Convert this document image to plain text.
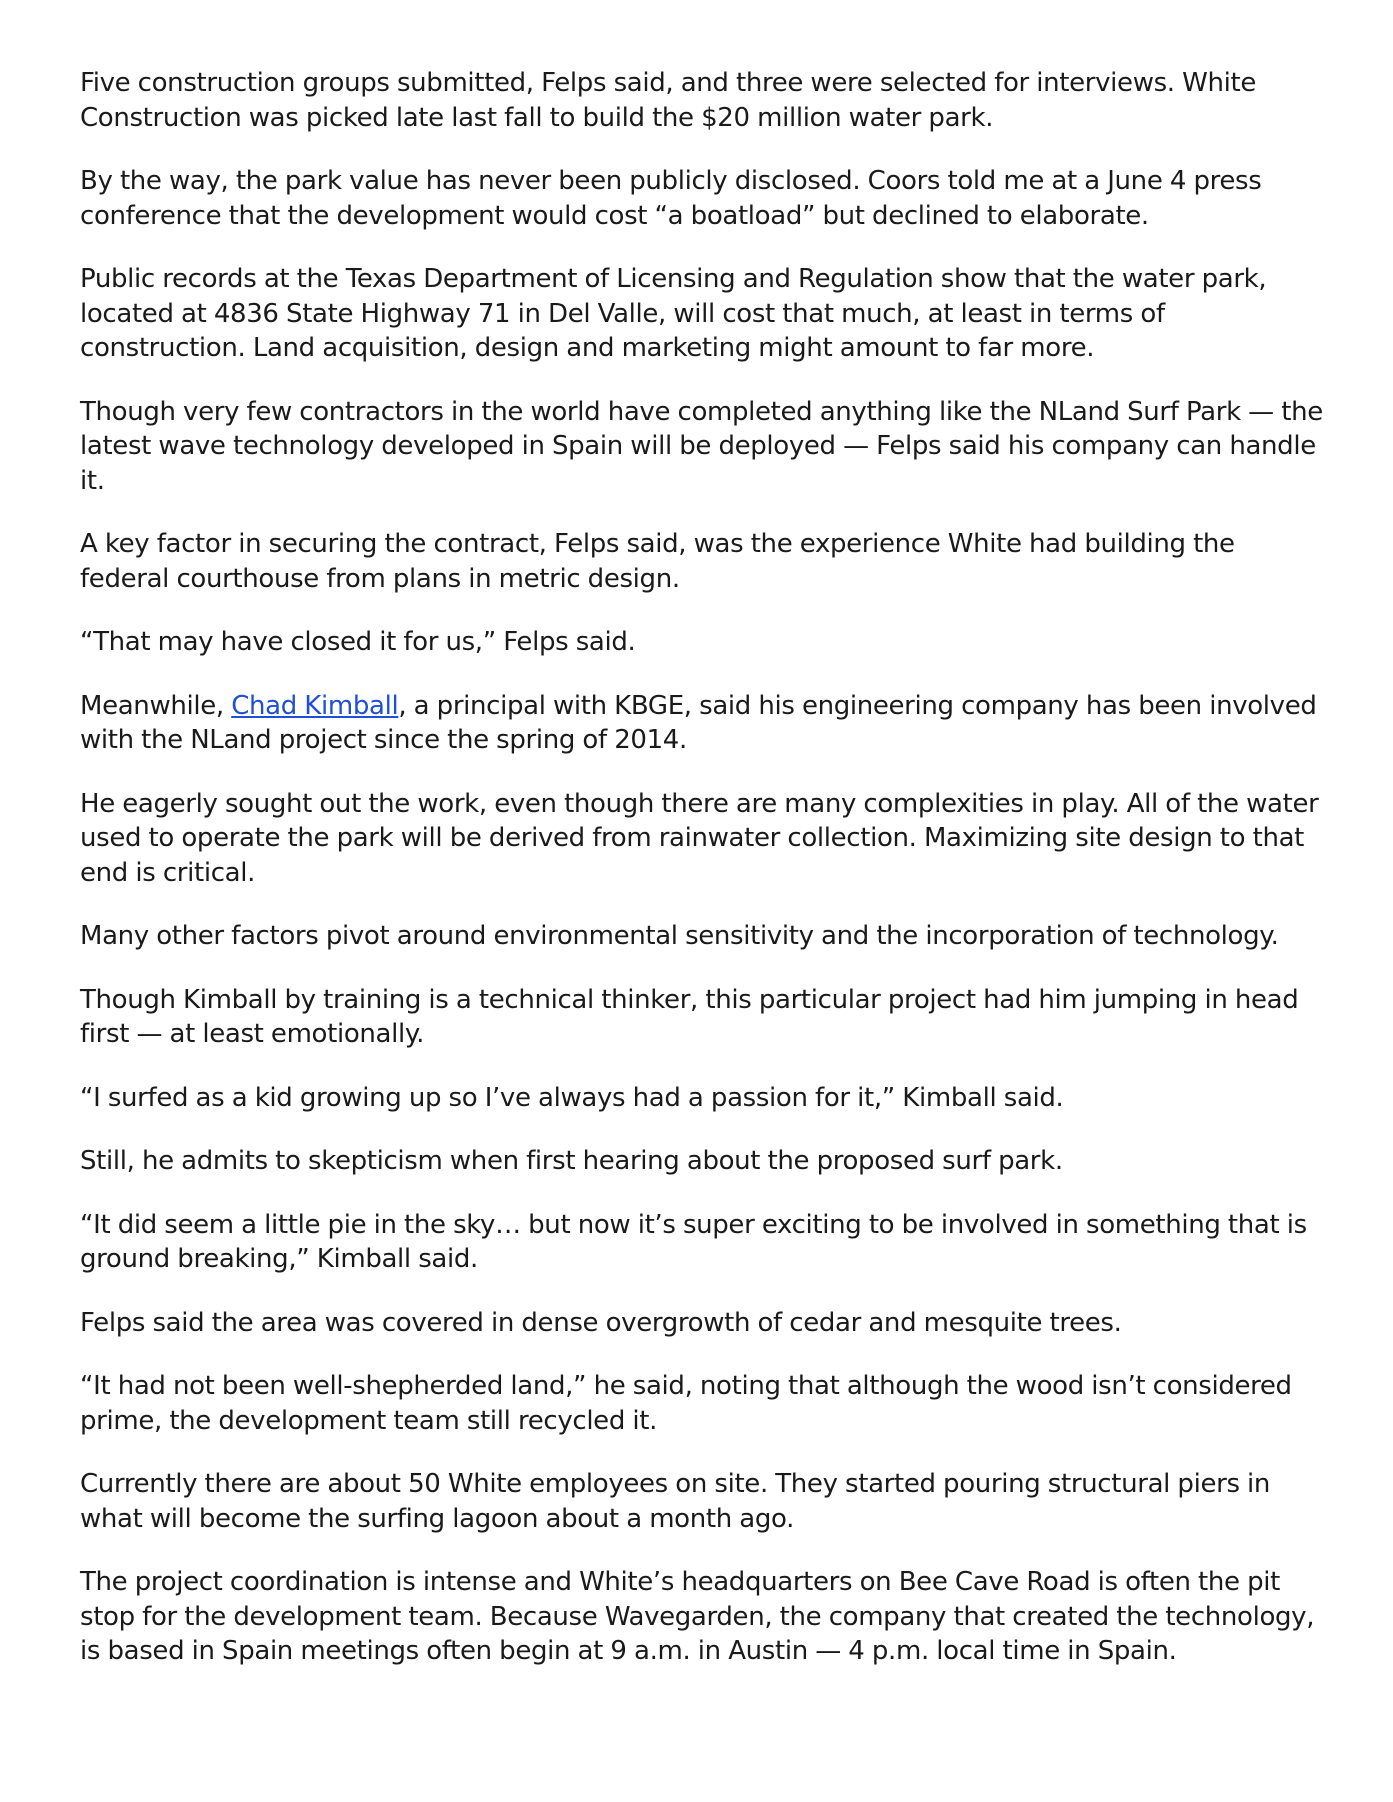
Five construction groups submitted, Felps said, and three were selected for interviews. White Construction was picked late last fall to build the $20 million water park.

By the way, the park value has never been publicly disclosed. Coors told me at a June 4 press conference that the development would cost “a boatload” but declined to elaborate.

Public records at the Texas Department of Licensing and Regulation show that the water park, located at 4836 State Highway 71 in Del Valle, will cost that much, at least in terms of construction. Land acquisition, design and marketing might amount to far more.

Though very few contractors in the world have completed anything like the NLand Surf Park — the latest wave technology developed in Spain will be deployed — Felps said his company can handle it.

A key factor in securing the contract, Felps said, was the experience White had building the federal courthouse from plans in metric design.

“That may have closed it for us,” Felps said.

Meanwhile, Chad Kimball, a principal with KBGE, said his engineering company has been involved with the NLand project since the spring of 2014.

He eagerly sought out the work, even though there are many complexities in play. All of the water used to operate the park will be derived from rainwater collection. Maximizing site design to that end is critical.

Many other factors pivot around environmental sensitivity and the incorporation of technology.

Though Kimball by training is a technical thinker, this particular project had him jumping in head first — at least emotionally.

“I surfed as a kid growing up so I’ve always had a passion for it,” Kimball said.

Still, he admits to skepticism when first hearing about the proposed surf park.

“It did seem a little pie in the sky… but now it’s super exciting to be involved in something that is ground breaking,” Kimball said.

Felps said the area was covered in dense overgrowth of cedar and mesquite trees.

“It had not been well-shepherded land,” he said, noting that although the wood isn’t considered prime, the development team still recycled it.

Currently there are about 50 White employees on site. They started pouring structural piers in what will become the surfing lagoon about a month ago.

The project coordination is intense and White’s headquarters on Bee Cave Road is often the pit stop for the development team. Because Wavegarden, the company that created the technology, is based in Spain meetings often begin at 9 a.m. in Austin — 4 p.m. local time in Spain.
